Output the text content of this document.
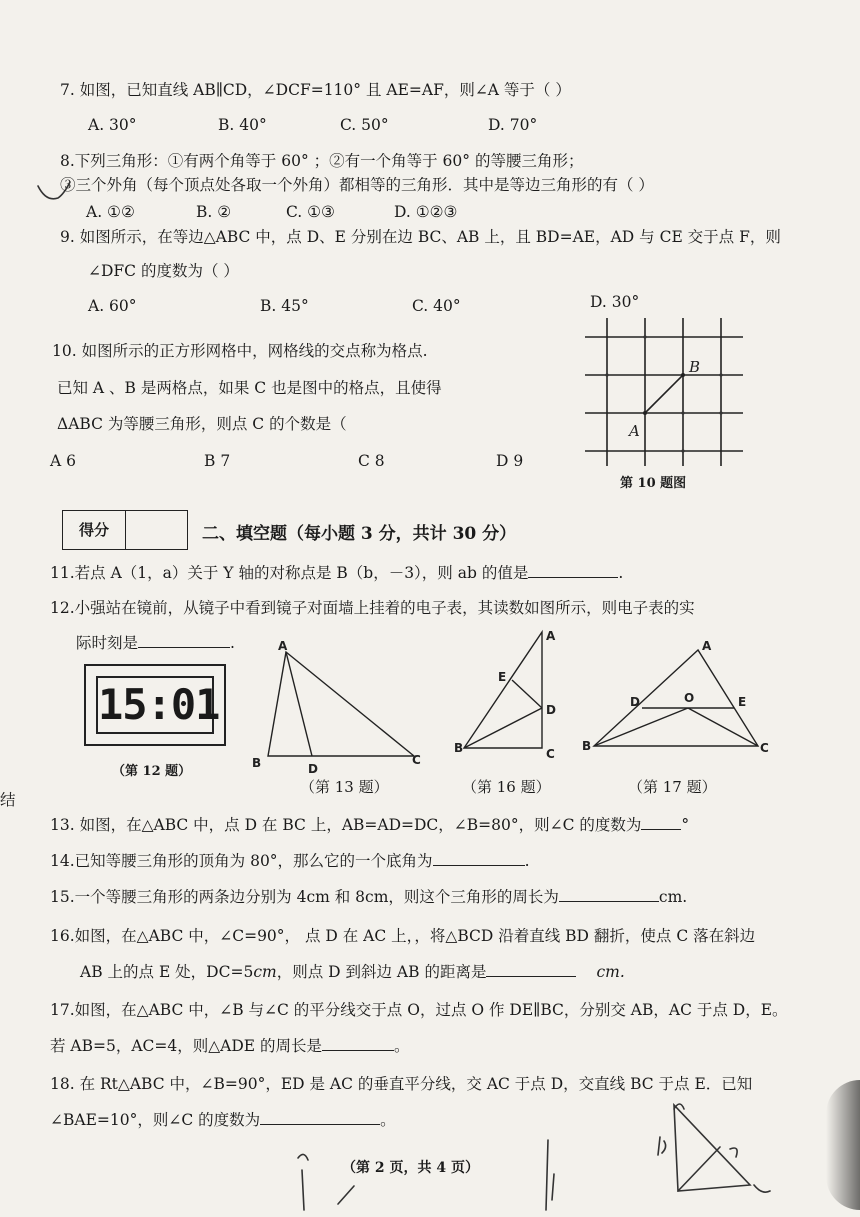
7. 如图，已知直线 AB∥CD，∠DCF=110° 且 AE=AF，则∠A 等于（ ）
A. 30°	B. 40°	C. 50°	D. 70°
8.下列三角形：①有两个角等于 60° ；②有一个角等于 60° 的等腰三角形；
③三个外角（每个顶点处各取一个外角）都相等的三角形．其中是等边三角形的有（ ）
A. ①②	B. ②	C. ①③	D. ①②③
9. 如图所示，在等边△ABC 中，点 D、E 分别在边 BC、AB 上，且 BD=AE，AD 与 CE 交于点 F，则
∠DFC 的度数为（ ）
A. 60°	B. 45°	C. 40°	D. 30°
10. 如图所示的正方形网格中，网格线的交点称为格点.
已知 A 、B 是两格点，如果 C 也是图中的格点，且使得
ΔABC 为等腰三角形，则点 C 的个数是（
A 6	B 7	C 8	D 9
A
B
第 10 题图
得分	二、填空题（每小题 3 分，共计 30 分）
11.若点 A（1，a）关于 Y 轴的对称点是 B（b，－3），则 ab 的值是	.
12.小强站在镜前，从镜子中看到镜子对面墙上挂着的电子表，其读数如图所示，则电子表的实
际时刻是	.
15:01
（第 12 题）
A
B	D
C
（第 13 题）
A
E
D
B	C
（第 16 题）
A
D	O	E
B	C
（第 17 题）
结
13. 如图，在△ABC 中，点 D 在 BC 上，AB=AD=DC，∠B=80°，则∠C 的度数为	°
14.已知等腰三角形的顶角为 80°，那么它的一个底角为	.
15.一个等腰三角形的两条边分别为 4cm 和 8cm，则这个三角形的周长为	cm.
16.如图，在△ABC 中，∠C=90°， 点 D 在 AC 上，，将△BCD 沿着直线 BD 翻折，使点 C 落在斜边
AB 上的点 E 处，DC=5cm，则点 D 到斜边 AB 的距离是	cm.
17.如图，在△ABC 中，∠B 与∠C 的平分线交于点 O，过点 O 作 DE∥BC，分别交 AB，AC 于点 D，E。
若 AB=5，AC=4，则△ADE 的周长是	。
18. 在 Rt△ABC 中，∠B=90°，ED 是 AC 的垂直平分线，交 AC 于点 D，交直线 BC 于点 E．已知
∠BAE=10°，则∠C 的度数为	。
（第 2 页，共 4 页）
